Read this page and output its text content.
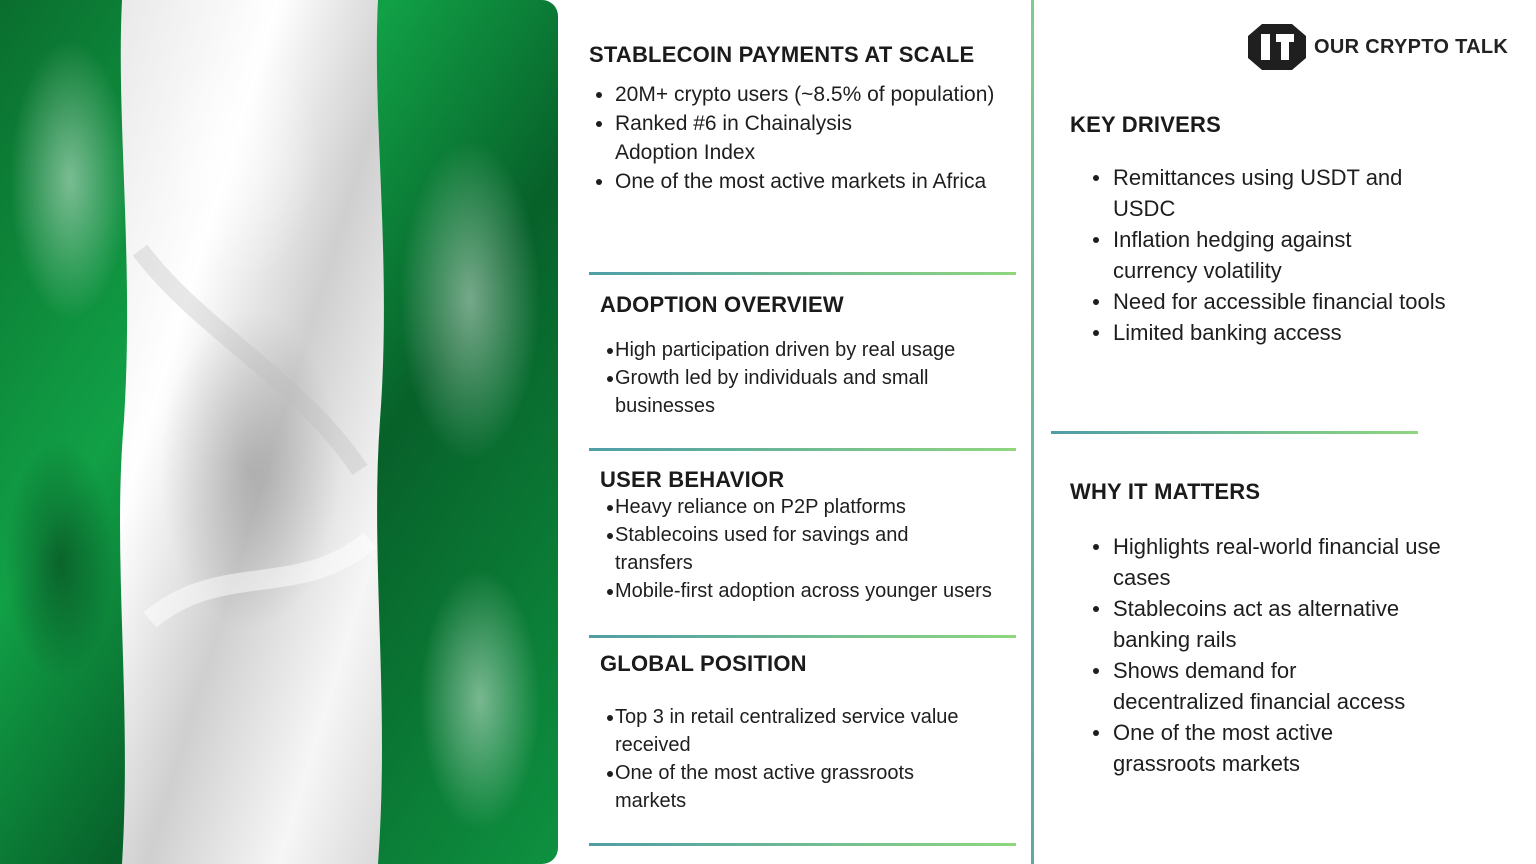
STABLECOIN PAYMENTS AT SCALE
20M+ crypto users (~8.5% of population)
Ranked #6 in Chainalysis Adoption Index
One of the most active markets in Africa
ADOPTION OVERVIEW
High participation driven by real usage
Growth led by individuals and small businesses
USER BEHAVIOR
Heavy reliance on P2P platforms
Stablecoins used for savings and transfers
Mobile-first adoption across younger users
GLOBAL POSITION
Top 3 in retail centralized service value received
One of the most active grassroots markets
OUR CRYPTO TALK
KEY DRIVERS
Remittances using USDT and USDC
Inflation hedging against currency volatility
Need for accessible financial tools
Limited banking access
WHY IT MATTERS
Highlights real-world financial use cases
Stablecoins act as alternative banking rails
Shows demand for decentralized financial access
One of the most active grassroots markets
